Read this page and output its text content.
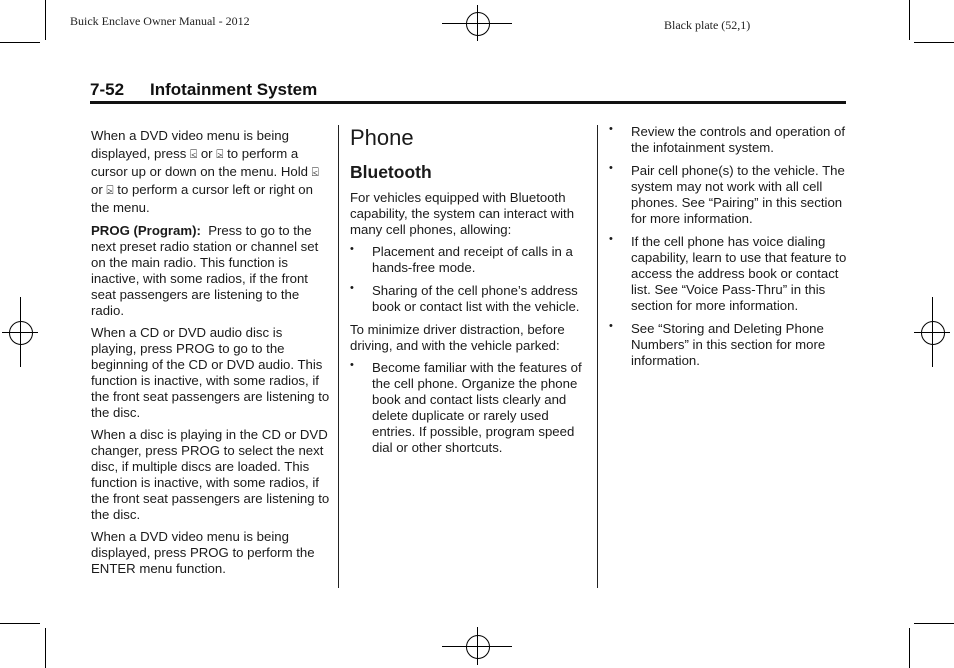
Buick Enclave Owner Manual - 2012	Black plate (52,1)
7-52 Infotainment System

When a DVD video menu is being displayed, press ⍃ or ⍄ to perform a cursor up or down on the menu. Hold ⍃ or ⍄ to perform a cursor left or right on the menu.

PROG (Program): Press to go to the next preset radio station or channel set on the main radio. This function is inactive, with some radios, if the front seat passengers are listening to the radio.

When a CD or DVD audio disc is playing, press PROG to go to the beginning of the CD or DVD audio. This function is inactive, with some radios, if the front seat passengers are listening to the disc.

When a disc is playing in the CD or DVD changer, press PROG to select the next disc, if multiple discs are loaded. This function is inactive, with some radios, if the front seat passengers are listening to the disc.

When a DVD video menu is being displayed, press PROG to perform the ENTER menu function.

Phone
Bluetooth

For vehicles equipped with Bluetooth capability, the system can interact with many cell phones, allowing:

• Placement and receipt of calls in a hands-free mode.
• Sharing of the cell phone’s address book or contact list with the vehicle.

To minimize driver distraction, before driving, and with the vehicle parked:

• Become familiar with the features of the cell phone. Organize the phone book and contact lists clearly and delete duplicate or rarely used entries. If possible, program speed dial or other shortcuts.
• Review the controls and operation of the infotainment system.
• Pair cell phone(s) to the vehicle. The system may not work with all cell phones. See “Pairing” in this section for more information.
• If the cell phone has voice dialing capability, learn to use that feature to access the address book or contact list. See “Voice Pass-Thru” in this section for more information.
• See “Storing and Deleting Phone Numbers” in this section for more information.
